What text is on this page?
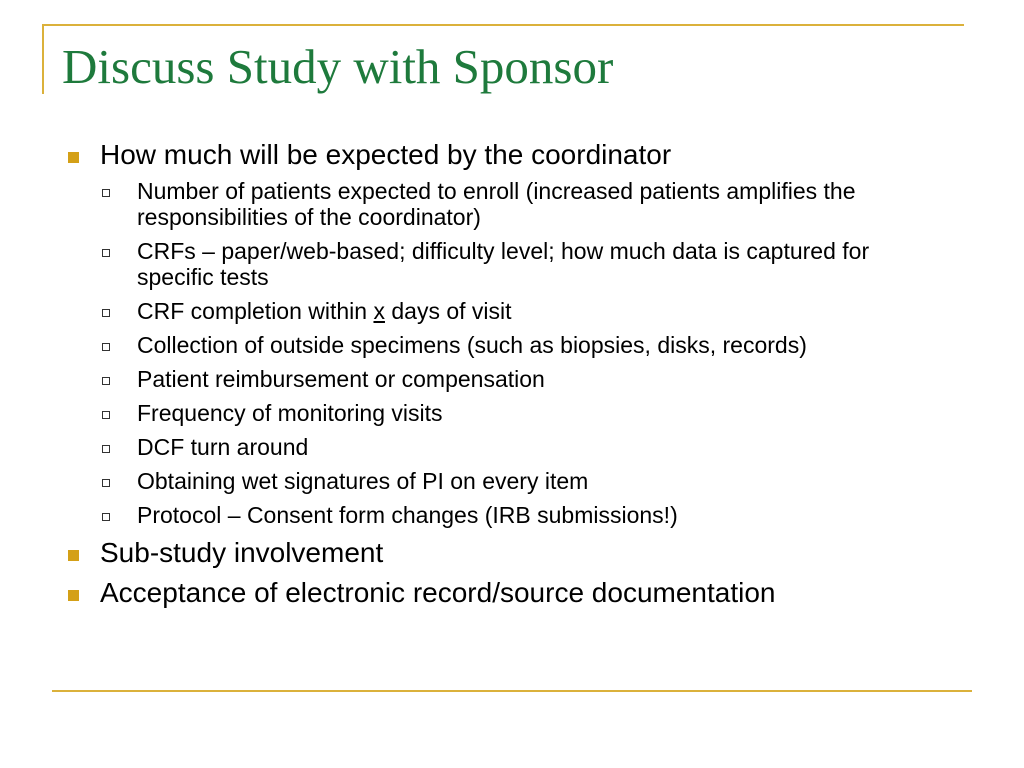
Discuss Study with Sponsor
How much will be expected by the coordinator
Number of patients expected to enroll (increased patients amplifies the responsibilities of the coordinator)
CRFs – paper/web-based; difficulty level; how much data is captured for specific tests
CRF completion within x days of visit
Collection of outside specimens (such as biopsies, disks, records)
Patient reimbursement or compensation
Frequency of monitoring visits
DCF turn around
Obtaining wet signatures of PI on every item
Protocol – Consent form changes (IRB submissions!)
Sub-study involvement
Acceptance of electronic record/source documentation
